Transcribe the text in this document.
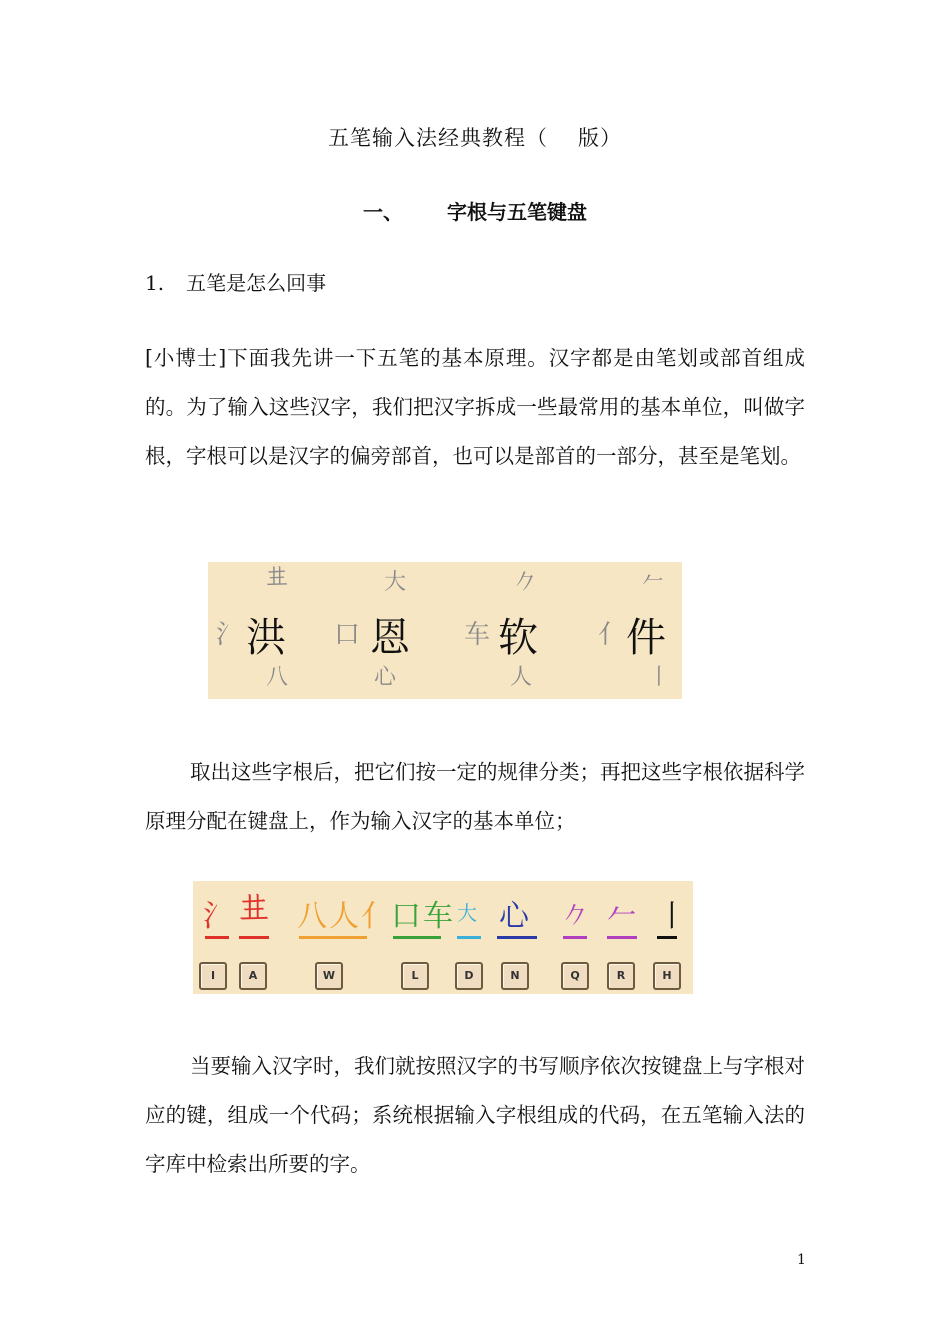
五笔输入法经典教程（ 版）
一、 字根与五笔键盘
1. 五笔是怎么回事

[小博士]下面我先讲一下五笔的基本原理。汉字都是由笔划或部首组成的。为了输入这些汉字，我们把汉字拆成一些最常用的基本单位，叫做字根，字根可以是汉字的偏旁部首，也可以是部首的一部分，甚至是笔划。

氵
𠀎
洪
八
口
大
恩
心
车
𠂊
软
人
亻
𠂉
件
丨

取出这些字根后，把它们按一定的规律分类；再把这些字根依据科学原理分配在键盘上，作为输入汉字的基本单位；

氵
I
𠀎
A
八人亻
W
口车
L
大
D
心
N
𠂊
Q
𠂉
R
丨
H

当要输入汉字时，我们就按照汉字的书写顺序依次按键盘上与字根对应的键，组成一个代码；系统根据输入字根组成的代码，在五笔输入法的字库中检索出所要的字。

1
